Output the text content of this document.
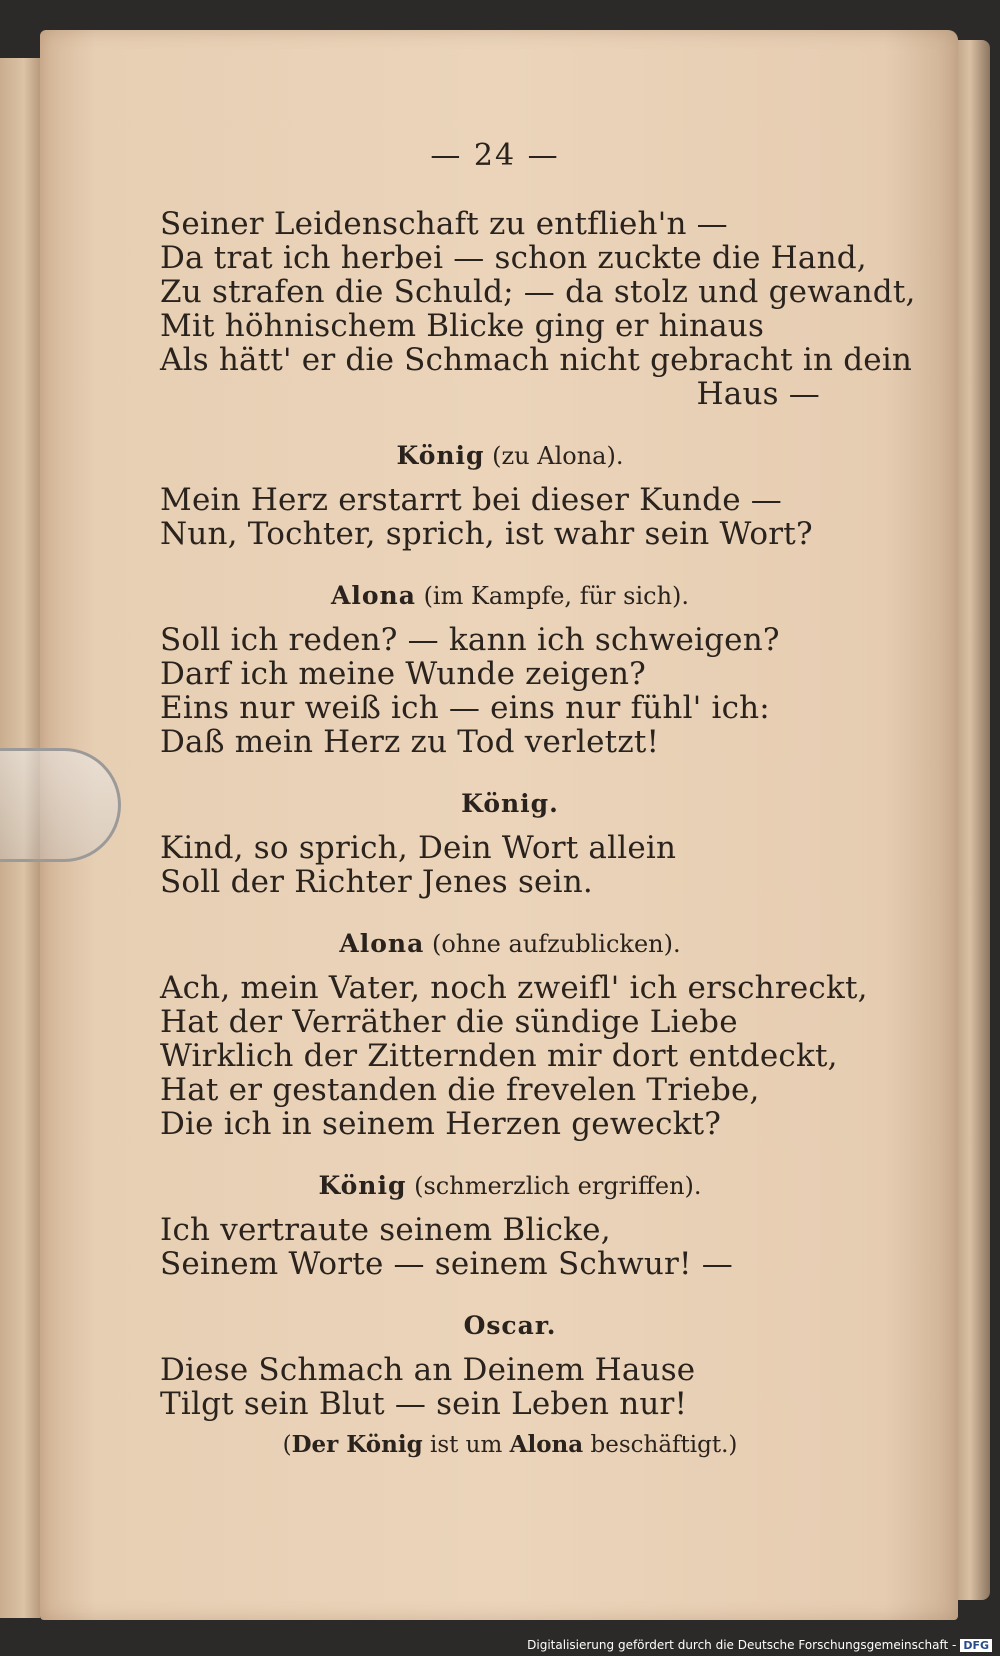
— 24 —
Seiner Leidenschaft zu entflieh'n —
Da trat ich herbei — schon zuckte die Hand,
Zu strafen die Schuld; — da stolz und gewandt,
Mit höhnischem Blicke ging er hinaus
Als hätt' er die Schmach nicht gebracht in dein
Haus —
König (zu Alona).
Mein Herz erstarrt bei dieser Kunde —
Nun, Tochter, sprich, ist wahr sein Wort?
Alona (im Kampfe, für sich).
Soll ich reden? — kann ich schweigen?
Darf ich meine Wunde zeigen?
Eins nur weiß ich — eins nur fühl' ich:
Daß mein Herz zu Tod verletzt!
König.
Kind, so sprich, Dein Wort allein
Soll der Richter Jenes sein.
Alona (ohne aufzublicken).
Ach, mein Vater, noch zweifl' ich erschreckt,
Hat der Verräther die sündige Liebe
Wirklich der Zitternden mir dort entdeckt,
Hat er gestanden die frevelen Triebe,
Die ich in seinem Herzen geweckt?
König (schmerzlich ergriffen).
Ich vertraute seinem Blicke,
Seinem Worte — seinem Schwur! —
Oscar.
Diese Schmach an Deinem Hause
Tilgt sein Blut — sein Leben nur!
(Der König ist um Alona beschäftigt.)
Digitalisierung gefördert durch die Deutsche Forschungsgemeinschaft - DFG
